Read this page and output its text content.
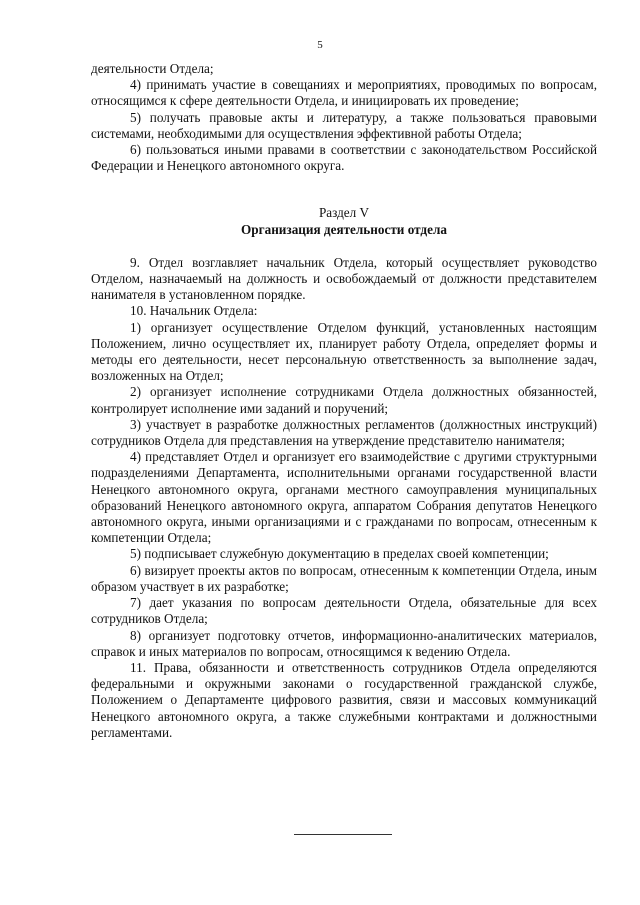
5

деятельности Отдела;

4) принимать участие в совещаниях и мероприятиях, проводимых по вопросам, относящимся к сфере деятельности Отдела, и инициировать их проведение;

5) получать правовые акты и литературу, а также пользоваться правовыми системами, необходимыми для осуществления эффективной работы Отдела;

6) пользоваться иными правами в соответствии с законодательством Российской Федерации и Ненецкого автономного округа.

Раздел V
Организация деятельности отдела

9. Отдел возглавляет начальник Отдела, который осуществляет руководство Отделом, назначаемый на должность и освобождаемый от должности представителем нанимателя в установленном порядке.

10. Начальник Отдела:

1) организует осуществление Отделом функций, установленных настоящим Положением, лично осуществляет их, планирует работу Отдела, определяет формы и методы его деятельности, несет персональную ответственность за выполнение задач, возложенных на Отдел;

2) организует исполнение сотрудниками Отдела должностных обязанностей, контролирует исполнение ими заданий и поручений;

3) участвует в разработке должностных регламентов (должностных инструкций) сотрудников Отдела для представления на утверждение представителю нанимателя;

4) представляет Отдел и организует его взаимодействие с другими структурными подразделениями Департамента, исполнительными органами государственной власти Ненецкого автономного округа, органами местного самоуправления муниципальных образований Ненецкого автономного округа, аппаратом Собрания депутатов Ненецкого автономного округа, иными организациями и с гражданами по вопросам, отнесенным к компетенции Отдела;

5) подписывает служебную документацию в пределах своей компетенции;

6) визирует проекты актов по вопросам, отнесенным к компетенции Отдела, иным образом участвует в их разработке;

7) дает указания по вопросам деятельности Отдела, обязательные для всех сотрудников Отдела;

8) организует подготовку отчетов, информационно-аналитических материалов, справок и иных материалов по вопросам, относящимся к ведению Отдела.

11. Права, обязанности и ответственность сотрудников Отдела определяются федеральными и окружными законами о государственной гражданской службе, Положением о Департаменте цифрового развития, связи и массовых коммуникаций Ненецкого автономного округа, а также служебными контрактами и должностными регламентами.
